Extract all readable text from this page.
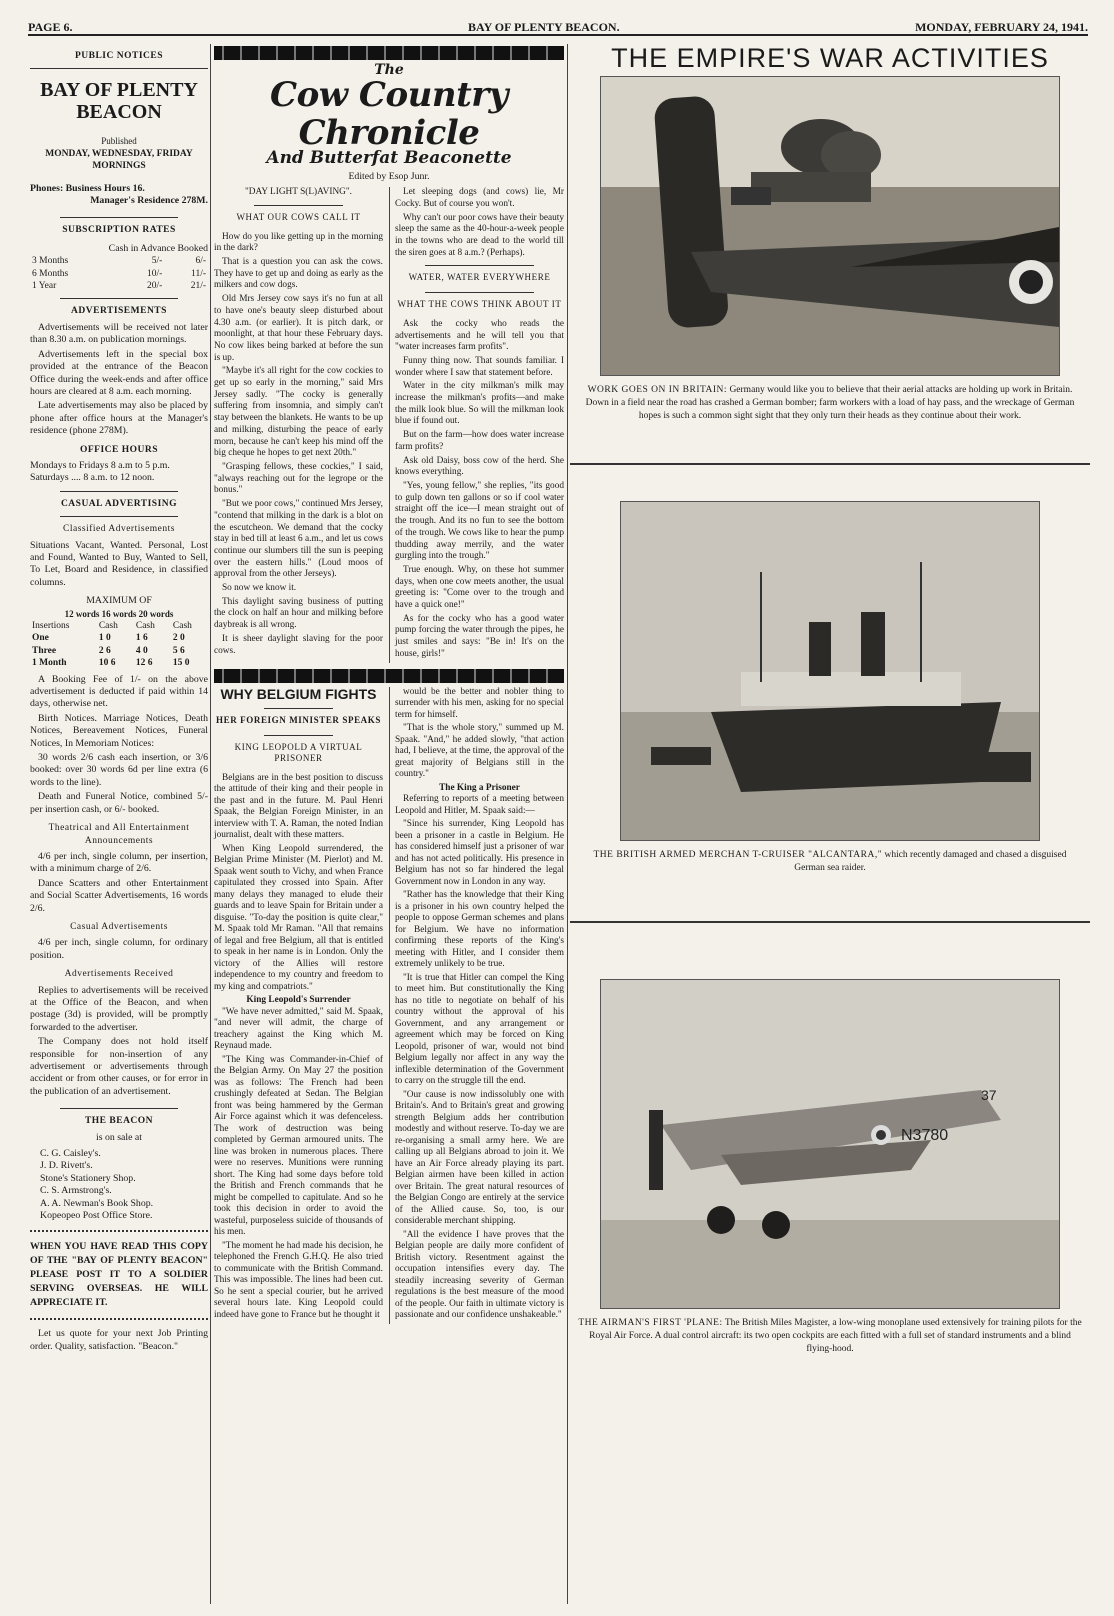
PAGE 6.	BAY OF PLENTY BEACON.	MONDAY, FEBRUARY 24, 1941.
PUBLIC NOTICES
BAY OF PLENTY BEACON
Published
MONDAY, WEDNESDAY, FRIDAY MORNINGS
Phones: Business Hours 16.
Manager's Residence 278M.
SUBSCRIPTION RATES
Cash in Advance Booked
3 Months	5/-	6/-
6 Months	10/-	11/-
1 Year	20/-	21/-
ADVERTISEMENTS

Advertisements will be received not later than 8.30 a.m. on publication mornings.

Advertisements left in the special box provided at the entrance of the Beacon Office during the week-ends and after office hours are cleared at 8 a.m. each morning.

Late advertisements may also be placed by phone after office hours at the Manager's residence (phone 278M).

OFFICE HOURS
Mondays to Fridays 8 a.m to 5 p.m.
Saturdays .... 8 a.m. to 12 noon.
CASUAL ADVERTISING
Classified Advertisements

Situations Vacant, Wanted. Personal, Lost and Found, Wanted to Buy, Wanted to Sell, To Let, Board and Residence, in classified columns.

MAXIMUM OF
12 words 16 words 20 words
Insertions	Cash	Cash	Cash
One	1 0	1 6	2 0
Three	2 6	4 0	5 6
1 Month	10 6	12 6	15 0

A Booking Fee of 1/- on the above advertisement is deducted if paid within 14 days, otherwise net.

Birth Notices. Marriage Notices, Death Notices, Bereavement Notices, Funeral Notices, In Memoriam Notices:

30 words 2/6 cash each insertion, or 3/6 booked: over 30 words 6d per line extra (6 words to the line).

Death and Funeral Notice, combined 5/- per insertion cash, or 6/- booked.

Theatrical and All Entertainment Announcements

4/6 per inch, single column, per insertion, with a minimum charge of 2/6.

Dance Scatters and other Entertainment and Social Scatter Advertisements, 16 words 2/6.

Casual Advertisements

4/6 per inch, single column, for ordinary position.

Advertisements Received

Replies to advertisements will be received at the Office of the Beacon, and when postage (3d) is provided, will be promptly forwarded to the advertiser.

The Company does not hold itself responsible for non-insertion of any advertisement or advertisements through accident or from other causes, or for error in the publication of an advertisement.

THE BEACON
is on sale at
C. G. Caisley's.
J. D. Rivett's.
Stone's Stationery Shop.
C. S. Armstrong's.
A. A. Newman's Book Shop.
Kopeopeo Post Office Store.
WHEN YOU HAVE READ THIS COPY OF THE "BAY OF PLENTY BEACON" PLEASE POST IT TO A SOLDIER SERVING OVERSEAS. HE WILL APPRECIATE IT.

Let us quote for your next Job Printing order. Quality, satisfaction. "Beacon."

The
Cow Country Chronicle
And Butterfat Beaconette
Edited by Esop Junr.
"DAY LIGHT S(L)AVING".
WHAT OUR COWS CALL IT

How do you like getting up in the morning in the dark?

That is a question you can ask the cows. They have to get up and doing as early as the milkers and cow dogs.

Old Mrs Jersey cow says it's no fun at all to have one's beauty sleep disturbed about 4.30 a.m. (or earlier). It is pitch dark, or moonlight, at that hour these February days. No cow likes being barked at before the sun is up.

"Maybe it's all right for the cow cockies to get up so early in the morning," said Mrs Jersey sadly. "The cocky is generally suffering from insomnia, and simply can't stay between the blankets. He wants to be up and milking, disturbing the peace of early morn, because he can't keep his mind off the big cheque he hopes to get next 20th."

"Grasping fellows, these cockies," I said, "always reaching out for the legrope or the bonus."

"But we poor cows," continued Mrs Jersey, "contend that milking in the dark is a blot on the escutcheon. We demand that the cocky stay in bed till at least 6 a.m., and let us cows continue our slumbers till the sun is peeping over the eastern hills." (Loud moos of approval from the other Jerseys).

So now we know it.

This daylight saving business of putting the clock on half an hour and milking before daybreak is all wrong.

It is sheer daylight slaving for the poor cows.

Let sleeping dogs (and cows) lie, Mr Cocky. But of course you won't.

Why can't our poor cows have their beauty sleep the same as the 40-hour-a-week people in the towns who are dead to the world till the siren goes at 8 a.m.? (Perhaps).

WATER, WATER EVERYWHERE
WHAT THE COWS THINK ABOUT IT

Ask the cocky who reads the advertisements and he will tell you that "water increases farm profits".

Funny thing now. That sounds familiar. I wonder where I saw that statement before.

Water in the city milkman's milk may increase the milkman's profits—and make the milk look blue. So will the milkman look blue if found out.

But on the farm—how does water increase farm profits?

Ask old Daisy, boss cow of the herd. She knows everything.

"Yes, young fellow," she replies, "its good to gulp down ten gallons or so if cool water straight off the ice—I mean straight out of the trough. And its no fun to see the bottom of the trough. We cows like to hear the pump thudding away merrily, and the water gurgling into the trough."

True enough. Why, on these hot summer days, when one cow meets another, the usual greeting is: "Come over to the trough and have a quick one!"

As for the cocky who has a good water pump forcing the water through the pipes, he just smiles and says: "Be in! It's on the house, girls!"

WHY BELGIUM FIGHTS
HER FOREIGN MINISTER SPEAKS
KING LEOPOLD A VIRTUAL PRISONER

Belgians are in the best position to discuss the attitude of their king and their people in the past and in the future. M. Paul Henri Spaak, the Belgian Foreign Minister, in an interview with T. A. Raman, the noted Indian journalist, dealt with these matters.

When King Leopold surrendered, the Belgian Prime Minister (M. Pierlot) and M. Spaak went south to Vichy, and when France capitulated they crossed into Spain. After many delays they managed to elude their guards and to leave Spain for Britain under a disguise. "To-day the position is quite clear," M. Spaak told Mr Raman. "All that remains of legal and free Belgium, all that is entitled to speak in her name is in London. Only the victory of the Allies will restore independence to my country and freedom to my king and compatriots."

King Leopold's Surrender

"We have never admitted," said M. Spaak, "and never will admit, the charge of treachery against the King which M. Reynaud made.

"The King was Commander-in-Chief of the Belgian Army. On May 27 the position was as follows: The French had been crushingly defeated at Sedan. The Belgian front was being hammered by the German Air Force against which it was defenceless. The work of destruction was being completed by German armoured units. The line was broken in numerous places. There were no reserves. Munitions were running short. The King had some days before told the British and French commands that he might be compelled to capitulate. And so he took this decision in order to avoid the wasteful, purposeless suicide of thousands of his men.

"The moment he had made his decision, he telephoned the French G.H.Q. He also tried to communicate with the British Command. This was impossible. The lines had been cut. So he sent a special courier, but he arrived several hours late. King Leopold could indeed have gone to France but he thought it

would be the better and nobler thing to surrender with his men, asking for no special term for himself.

"That is the whole story," summed up M. Spaak. "And," he added slowly, "that action had, I believe, at the time, the approval of the great majority of Belgians still in the country."

The King a Prisoner

Referring to reports of a meeting between Leopold and Hitler, M. Spaak said:—

"Since his surrender, King Leopold has been a prisoner in a castle in Belgium. He has considered himself just a prisoner of war and has not acted politically. His presence in Belgium has not so far hindered the legal Government now in London in any way.

"Rather has the knowledge that their King is a prisoner in his own country helped the people to oppose German schemes and plans for Belgium. We have no information confirming these reports of the King's meeting with Hitler, and I consider them extremely unlikely to be true.

"It is true that Hitler can compel the King to meet him. But constitutionally the King has no title to negotiate on behalf of his country without the approval of his Government, and any arrangement or agreement which may be forced on King Leopold, prisoner of war, would not bind Belgium legally nor affect in any way the inflexible determination of the Government to carry on the struggle till the end.

"Our cause is now indissolubly one with Britain's. And to Britain's great and growing strength Belgium adds her contribution modestly and without reserve. To-day we are re-organising a small army here. We are calling up all Belgians abroad to join it. We have an Air Force already playing its part. Belgian airmen have been killed in action over Britain. The great natural resources of the Belgian Congo are entirely at the service of the Allied cause. So, too, is our considerable merchant shipping.

"All the evidence I have proves that the Belgian people are daily more confident of British victory. Resentment against the occupation intensifies every day. The steadily increasing severity of German regulations is the best measure of the mood of the people. Our faith in ultimate victory is passionate and our confidence unshakeable."

THE EMPIRE'S WAR ACTIVITIES
WORK GOES ON IN BRITAIN: Germany would like you to believe that their aerial attacks are holding up work in Britain. Down in a field near the road has crashed a German bomber; farm workers with a load of hay pass, and the wreckage of German hopes is such a common sight sight that they only turn their heads as they continue about their work.
THE BRITISH ARMED MERCHAN T-CRUISER "ALCANTARA," which recently damaged and chased a disguised German sea raider.
N3780
37
THE AIRMAN'S FIRST 'PLANE: The British Miles Magister, a low-wing monoplane used extensively for training pilots for the Royal Air Force. A dual control aircraft: its two open cockpits are each fitted with a full set of standard instruments and a blind flying-hood.
